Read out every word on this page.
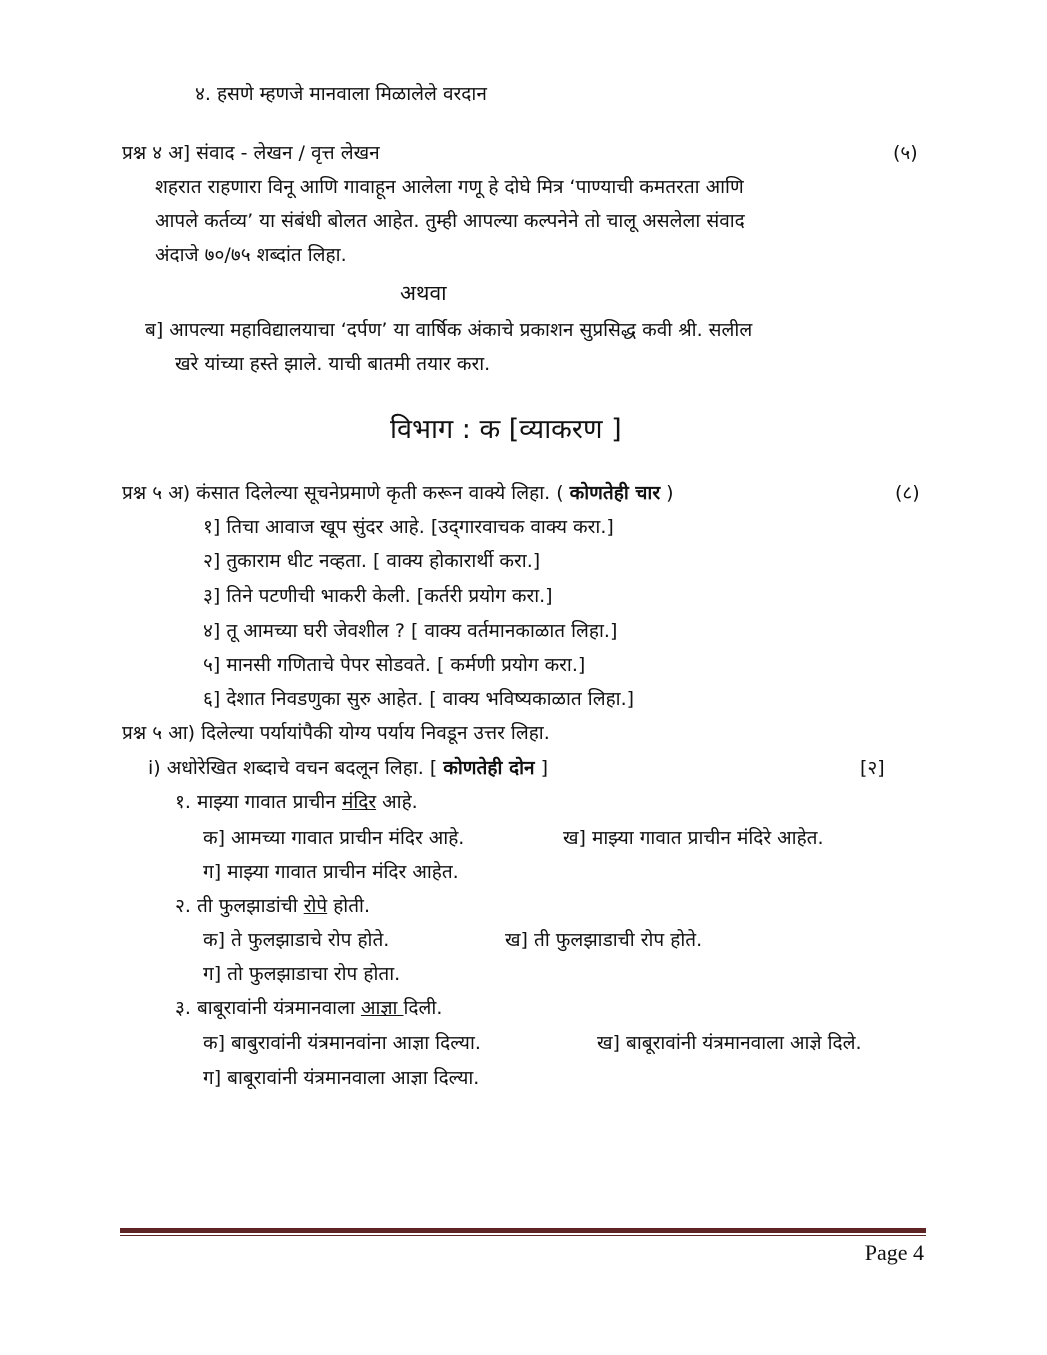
४. हसणे म्हणजे मानवाला मिळालेले वरदान
प्रश्न ४ अ] संवाद - लेखन / वृत्त लेखन	(५)
शहरात राहणारा विनू आणि गावाहून आलेला गणू हे दोघे मित्र ‘पाण्याची कमतरता आणि
आपले कर्तव्य’ या संबंधी बोलत आहेत. तुम्ही आपल्या कल्पनेने तो चालू असलेला संवाद
अंदाजे ७०/७५ शब्दांत लिहा.
अथवा
ब] आपल्या महाविद्यालयाचा ‘दर्पण’ या वार्षिक अंकाचे प्रकाशन सुप्रसिद्ध कवी श्री. सलील
खरे यांच्या हस्ते झाले. याची बातमी तयार करा.
विभाग : क [व्याकरण ]
प्रश्न ५ अ) कंसात दिलेल्या सूचनेप्रमाणे कृती करून वाक्ये लिहा. ( कोणतेही चार )	(८)
१] तिचा आवाज खूप सुंदर आहे. [उद्‌गारवाचक वाक्य करा.]
२] तुकाराम धीट नव्हता. [ वाक्य होकारार्थी करा.]
३] तिने पटणीची भाकरी केली. [कर्तरी प्रयोग करा.]
४] तू आमच्या घरी जेवशील ? [ वाक्य वर्तमानकाळात लिहा.]
५] मानसी गणिताचे पेपर सोडवते. [ कर्मणी प्रयोग करा.]
६] देशात निवडणुका सुरु आहेत. [ वाक्य भविष्यकाळात लिहा.]
प्रश्न ५ आ) दिलेल्या पर्यायांपैकी योग्य पर्याय निवडून उत्तर लिहा.
i) अधोरेखित शब्दाचे वचन बदलून लिहा. [ कोणतेही दोन ]	[२]
१. माझ्या गावात प्राचीन मंदिर आहे.
क] आमच्या गावात प्राचीन मंदिर आहे.	ख] माझ्या गावात प्राचीन मंदिरे आहेत.
ग] माझ्या गावात प्राचीन मंदिर आहेत.
२. ती फुलझाडांची रोपे होती.
क] ते फुलझाडाचे रोप होते.	ख] ती फुलझाडाची रोप होते.
ग] तो फुलझाडाचा रोप होता.
३. बाबूरावांनी यंत्रमानवाला आज्ञा दिली.
क] बाबुरावांनी यंत्रमानवांना आज्ञा दिल्या.	ख] बाबूरावांनी यंत्रमानवाला आज्ञे दिले.
ग] बाबूरावांनी यंत्रमानवाला आज्ञा दिल्या.
Page 4
